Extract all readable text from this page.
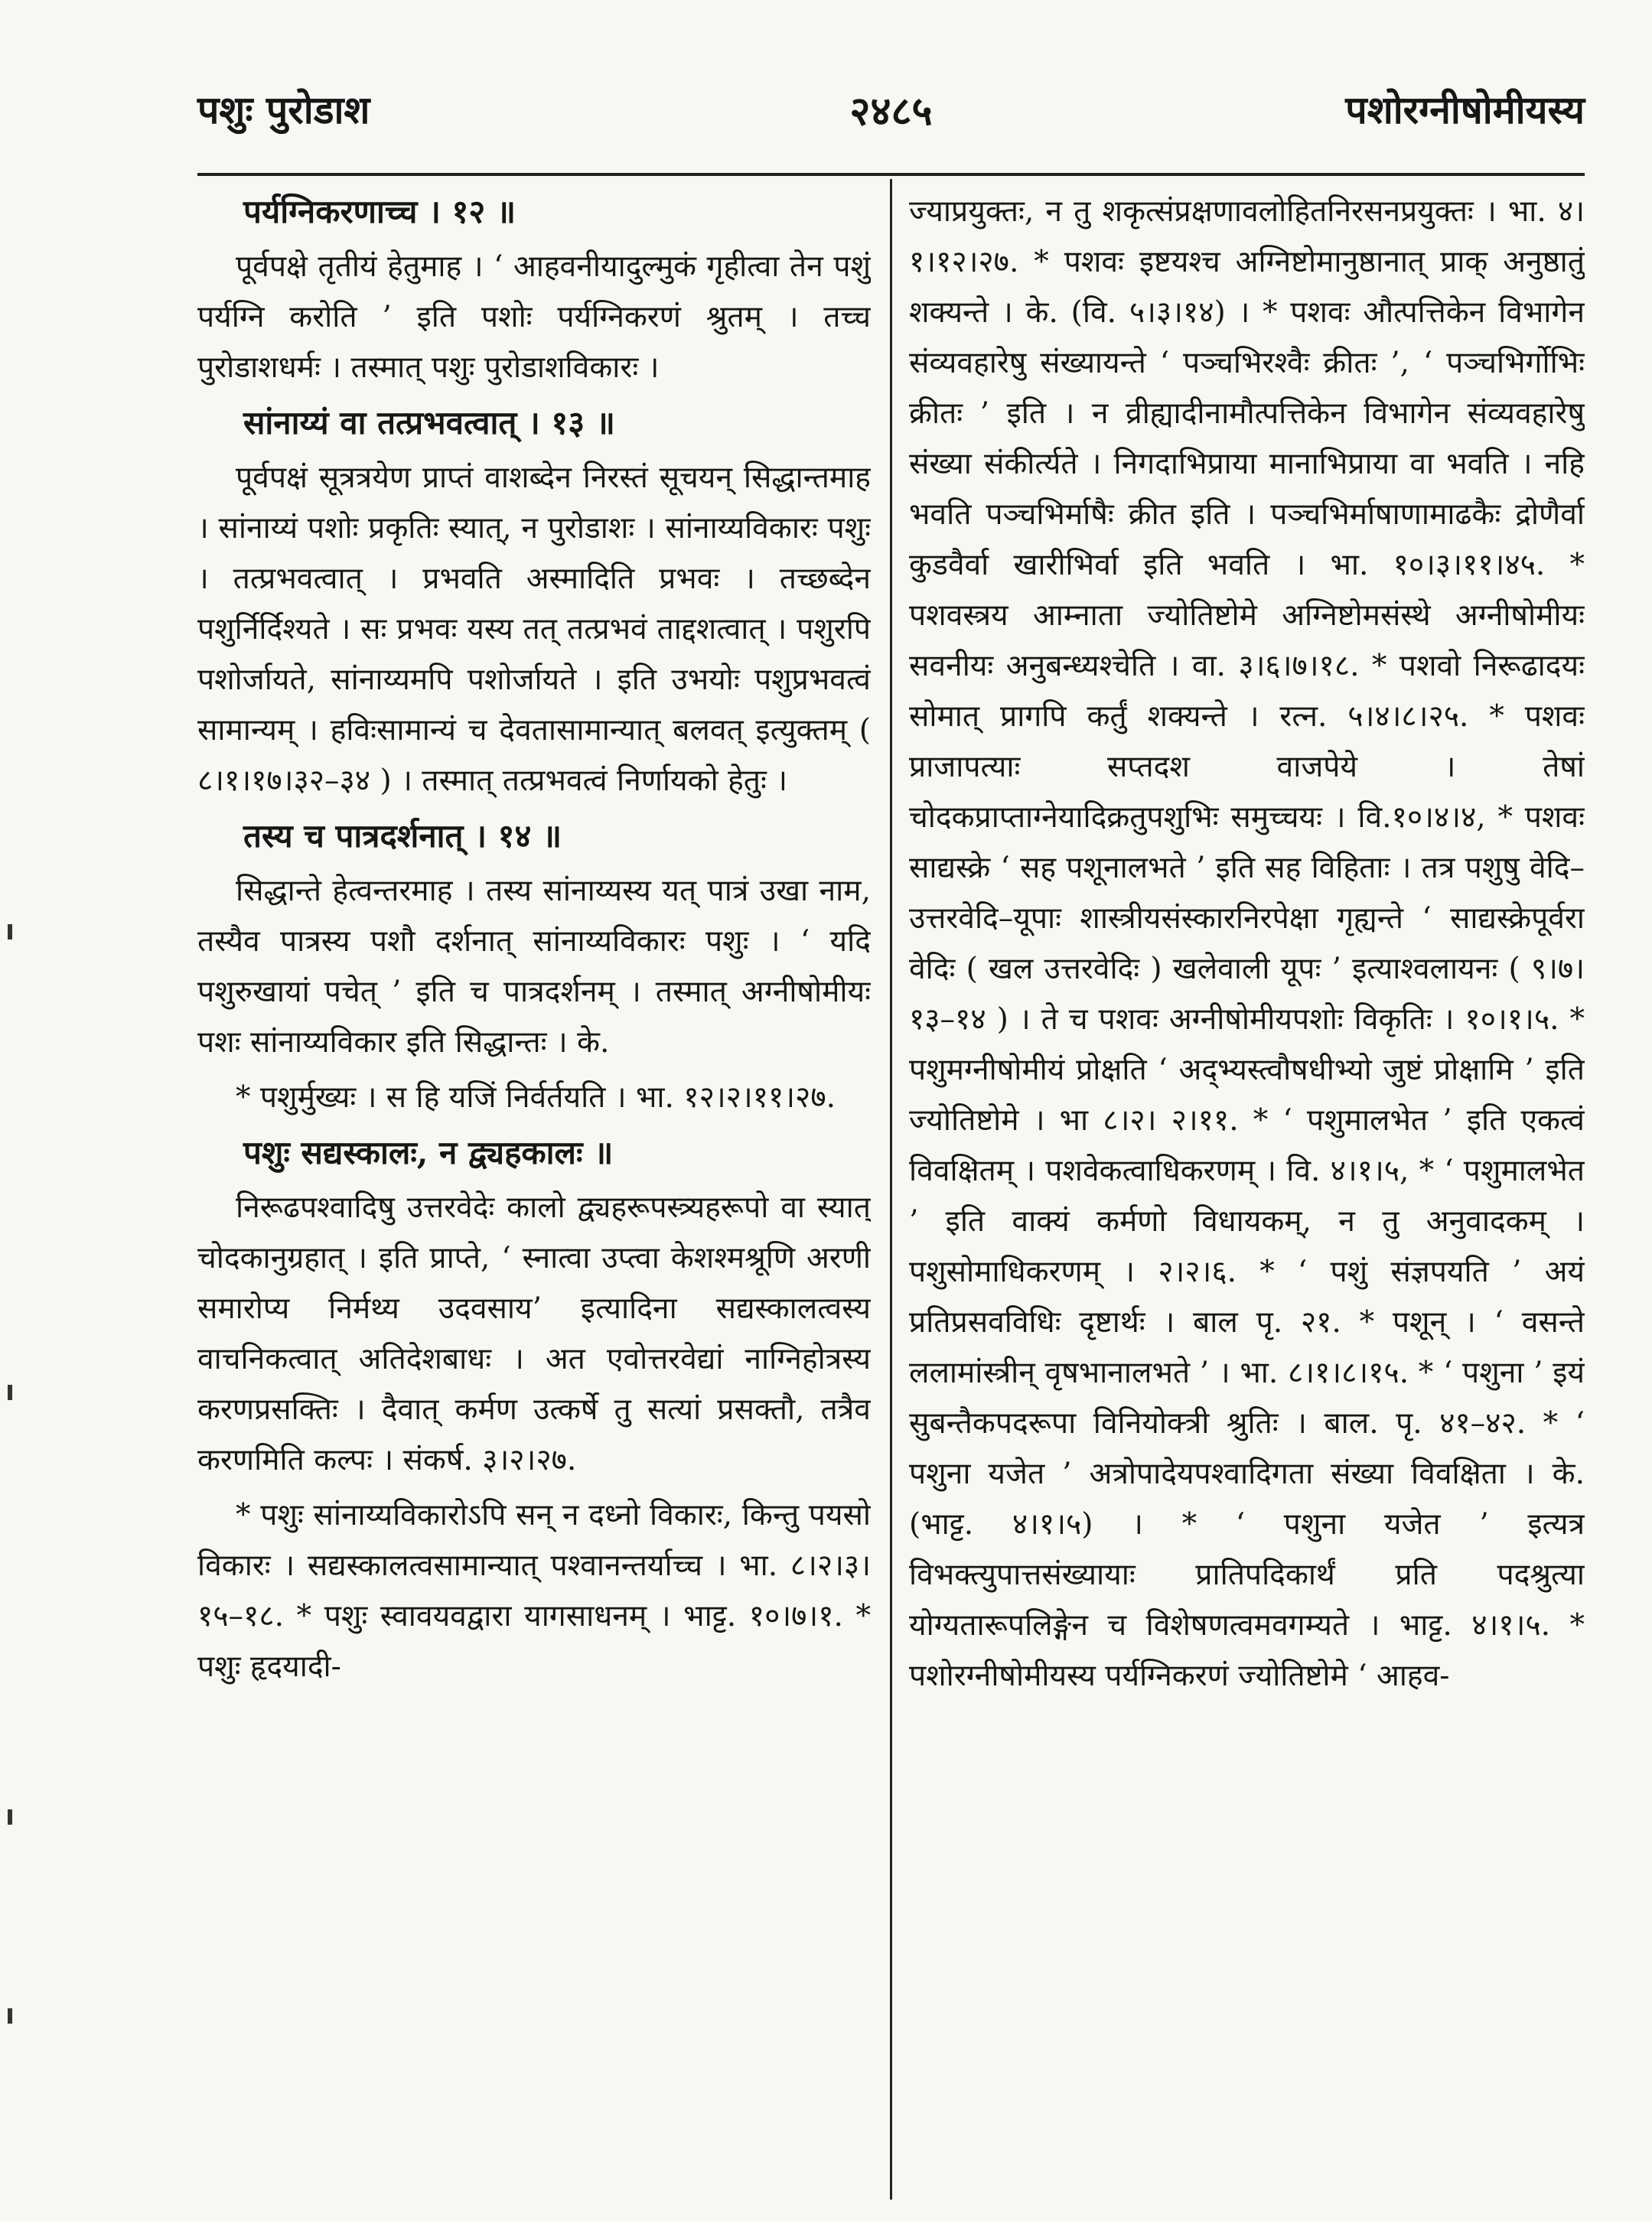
पशुः पुरोडाश	२४८५	पशोरग्नीषोमीयस्य
पर्यग्निकरणाच्च । १२ ॥

पूर्वपक्षे तृतीयं हेतुमाह । ‘ आहवनीयादुल्मुकं गृहीत्वा तेन पशुं पर्यग्नि करोति ’ इति पशोः पर्यग्निकरणं श्रुतम् । तच्च पुरोडाशधर्मः । तस्मात् पशुः पुरोडाशविकारः ।

सांनाय्यं वा तत्प्रभवत्वात् । १३ ॥

पूर्वपक्षं सूत्रत्रयेण प्राप्तं वाशब्देन निरस्तं सूचयन् सिद्धान्तमाह । सांनाय्यं पशोः प्रकृतिः स्यात्, न पुरोडाशः । सांनाय्यविकारः पशुः । तत्प्रभवत्वात् । प्रभवति अस्मादिति प्रभवः । तच्छब्देन पशुर्निर्दिश्यते । सः प्रभवः यस्य तत् तत्प्रभवं ताद्दशत्वात् । पशुरपि पशोर्जायते, सांनाय्यमपि पशोर्जायते । इति उभयोः पशुप्रभवत्वं सामान्यम् । हविःसामान्यं च देवतासामान्यात् बलवत् इत्युक्तम् ( ८।१।१७।३२–३४ ) । तस्मात् तत्प्रभवत्वं निर्णायको हेतुः ।

तस्य च पात्रदर्शनात् । १४ ॥

सिद्धान्ते हेत्वन्तरमाह । तस्य सांनाय्यस्य यत् पात्रं उखा नाम, तस्यैव पात्रस्य पशौ दर्शनात् सांनाय्यविकारः पशुः । ‘ यदि पशुरुखायां पचेत् ’ इति च पात्रदर्शनम् । तस्मात् अग्नीषोमीयः पशः सांनाय्यविकार इति सिद्धान्तः । के.

* पशुर्मुख्यः । स हि यजिं निर्वर्तयति । भा. १२।२।११।२७.

पशुः सद्यस्कालः, न द्व्यहकालः ॥

निरूढपश्वादिषु उत्तरवेदेः कालो द्व्यहरूपस्त्र्यहरूपो वा स्यात् चोदकानुग्रहात् । इति प्राप्ते, ‘ स्नात्वा उप्त्वा केशश्मश्रूणि अरणी समारोप्य निर्मथ्य उदवसाय’ इत्यादिना सद्यस्कालत्वस्य वाचनिकत्वात् अतिदेशबाधः । अत एवोत्तरवेद्यां नाग्निहोत्रस्य करणप्रसक्तिः । दैवात् कर्मण उत्कर्षे तु सत्यां प्रसक्तौ, तत्रैव करणमिति कल्पः । संकर्ष. ३।२।२७.

* पशुः सांनाय्यविकारोऽपि सन् न दध्नो विकारः, किन्तु पयसो विकारः । सद्यस्कालत्वसामान्यात् पश्वानन्तर्याच्च । भा. ८।२।३।१५–१८. * पशुः स्वावयवद्वारा यागसाधनम् । भाट्ट. १०।७।१. * पशुः हृदयादी-

ज्याप्रयुक्तः, न तु शकृत्संप्रक्षणावलोहितनिरसनप्रयुक्तः । भा. ४।१।१२।२७. * पशवः इष्टयश्च अग्निष्टोमानुष्ठानात् प्राक् अनुष्ठातुं शक्यन्ते । के. (वि. ५।३।१४) । * पशवः औत्पत्तिकेन विभागेन संव्यवहारेषु संख्यायन्ते ‘ पञ्चभिरश्वैः क्रीतः ’, ‘ पञ्चभिर्गोभिः क्रीतः ’ इति । न व्रीह्यादीनामौत्पत्तिकेन विभागेन संव्यवहारेषु संख्या संकीर्त्यते । निगदाभिप्राया मानाभिप्राया वा भवति । नहि भवति पञ्चभिर्माषैः क्रीत इति । पञ्चभिर्माषाणामाढकैः द्रोणैर्वा कुडवैर्वा खारीभिर्वा इति भवति । भा. १०।३।११।४५. * पशवस्त्रय आम्नाता ज्योतिष्टोमे अग्निष्टोमसंस्थे अग्नीषोमीयः सवनीयः अनुबन्ध्यश्चेति । वा. ३।६।७।१८. * पशवो निरूढादयः सोमात् प्रागपि कर्तुं शक्यन्ते । रत्न. ५।४।८।२५. * पशवः प्राजापत्याः सप्तदश वाजपेये । तेषां चोदकप्राप्ताग्नेयादिक्रतुपशुभिः समुच्चयः । वि.१०।४।४, * पशवः साद्यस्क्रे ‘ सह पशूनालभते ’ इति सह विहिताः । तत्र पशुषु वेदि–उत्तरवेदि–यूपाः शास्त्रीयसंस्कारनिरपेक्षा गृह्यन्ते ‘ साद्यस्क्रेपूर्वरा वेदिः ( खल उत्तरवेदिः ) खलेवाली यूपः ’ इत्याश्वलायनः ( ९।७। १३–१४ ) । ते च पशवः अग्नीषोमीयपशोः विकृतिः । १०।१।५. * पशुमग्नीषोमीयं प्रोक्षति ‘ अद्भ्यस्त्वौषधीभ्यो जुष्टं प्रोक्षामि ’ इति ज्योतिष्टोमे । भा ८।२। २।११. * ‘ पशुमालभेत ’ इति एकत्वं विवक्षितम् । पशवेकत्वाधिकरणम् । वि. ४।१।५, * ‘ पशुमालभेत ’ इति वाक्यं कर्मणो विधायकम्, न तु अनुवादकम् । पशुसोमाधिकरणम् । २।२।६. * ‘ पशुं संज्ञपयति ’ अयं प्रतिप्रसवविधिः दृष्टार्थः । बाल पृ. २१. * पशून् । ‘ वसन्ते ललामांस्त्रीन् वृषभानालभते ’ । भा. ८।१।८।१५. * ‘ पशुना ’ इयं सुबन्तैकपदरूपा विनियोक्त्री श्रुतिः । बाल. पृ. ४१–४२. * ‘ पशुना यजेत ’ अत्रोपादेयपश्वादिगता संख्या विवक्षिता । के. (भाट्ट. ४।१।५) । * ‘ पशुना यजेत ’ इत्यत्र विभक्त्युपात्तसंख्यायाः प्रातिपदिकार्थं प्रति पदश्रुत्या योग्यतारूपलिङ्गेन च विशेषणत्वमवगम्यते । भाट्ट. ४।१।५. * पशोरग्नीषोमीयस्य पर्यग्निकरणं ज्योतिष्टोमे ‘ आहव-
